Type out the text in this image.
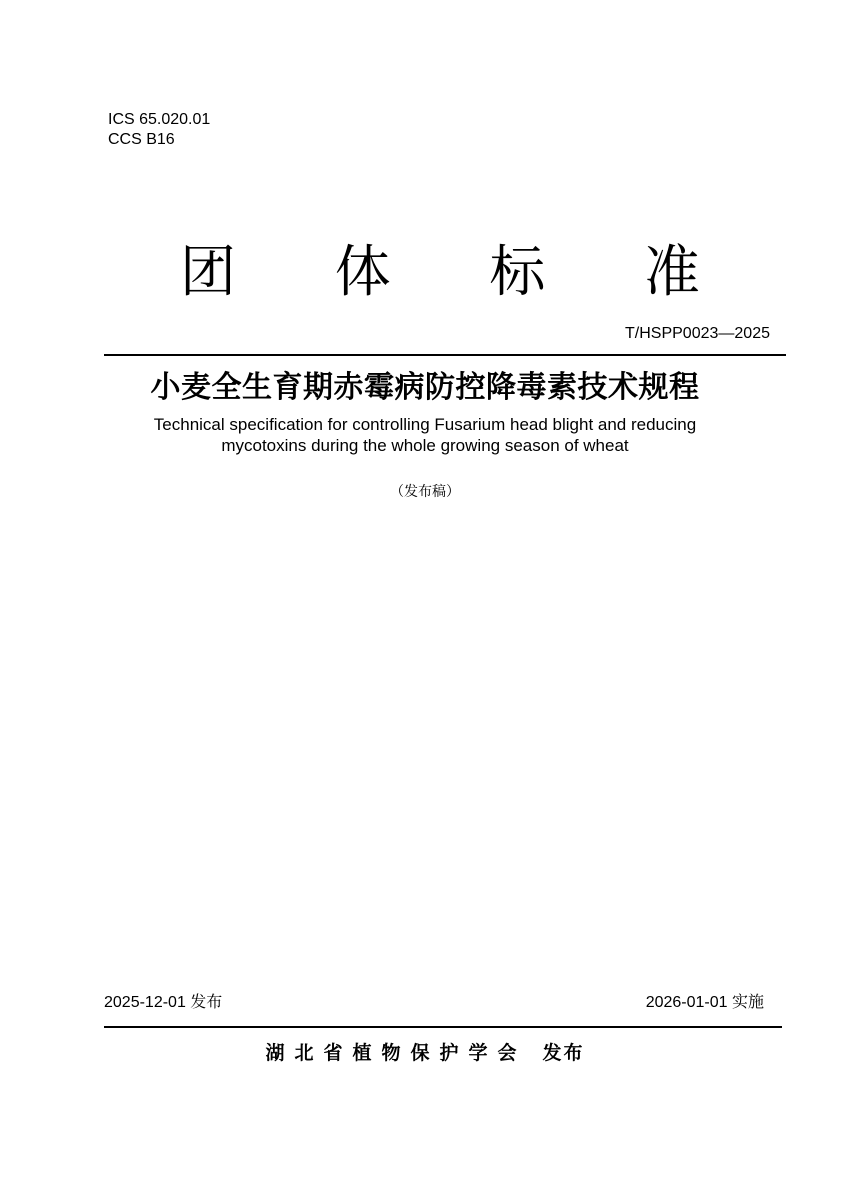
ICS 65.020.01
CCS B16
团 体 标 准
T/HSPP0023—2025
小麦全生育期赤霉病防控降毒素技术规程
Technical specification for controlling Fusarium head blight and reducing
mycotoxins during the whole growing season of wheat
（发布稿）
2025-12-01 发布	2026-01-01 实施
湖北省植物保护学会 发布
